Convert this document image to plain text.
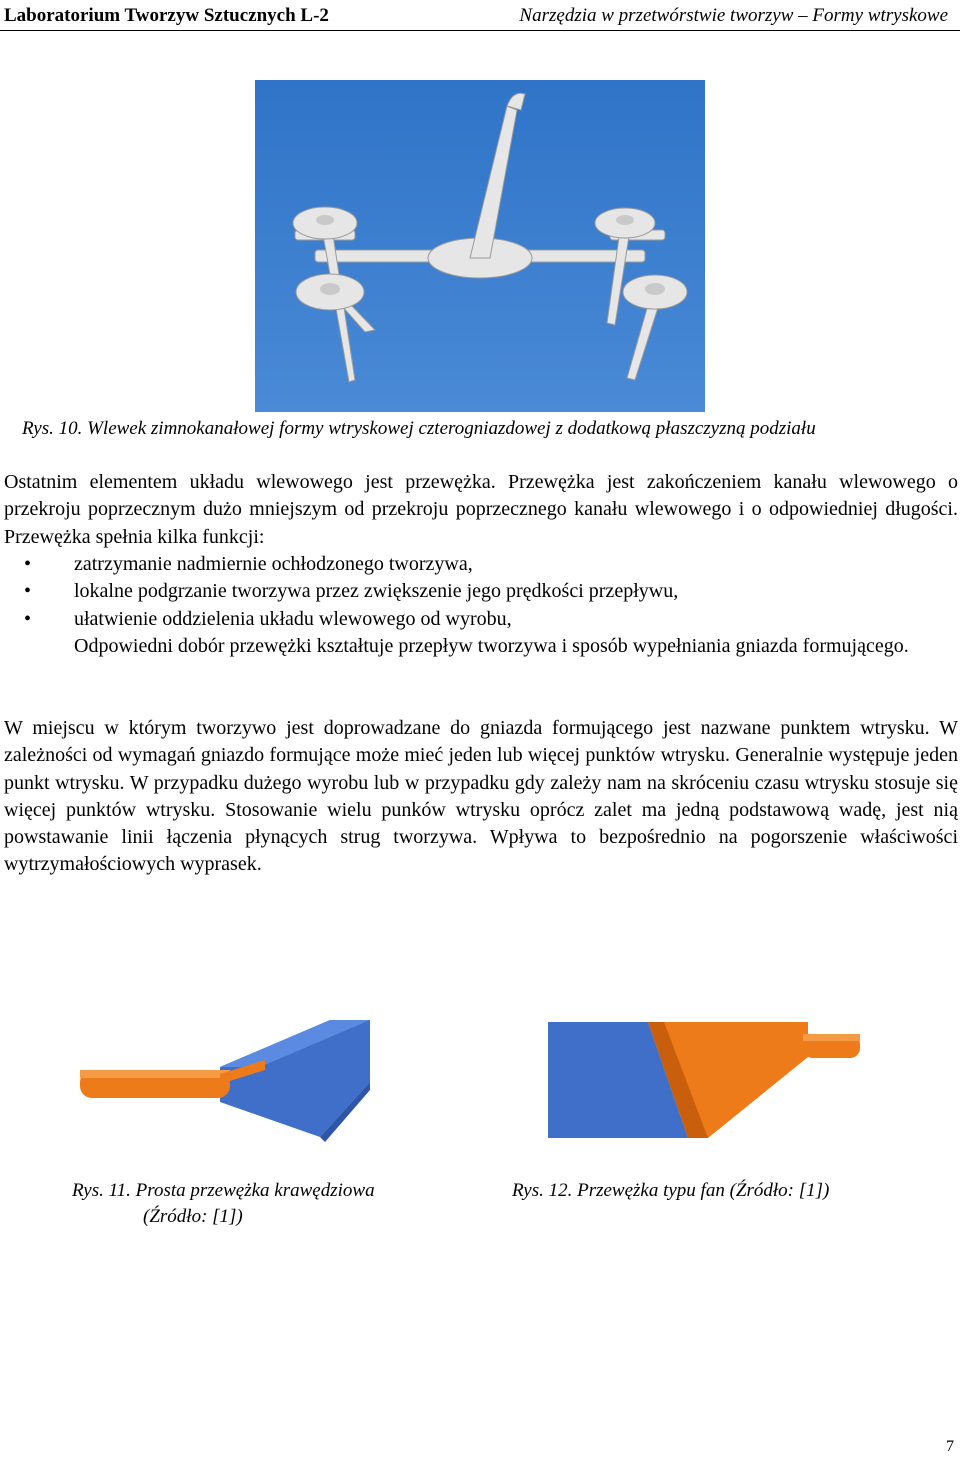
Laboratorium Tworzyw Sztucznych L-2	Narzędzia w przetwórstwie tworzyw – Formy wtryskowe
Rys. 10. Wlewek zimnokanałowej formy wtryskowej czterogniazdowej z dodatkową płaszczyzną podziału
Ostatnim elementem układu wlewowego jest przewężka. Przewężka jest zakończeniem kanału wlewowego o przekroju poprzecznym dużo mniejszym od przekroju poprzecznego kanału wlewowego i o odpowiedniej długości. Przewężka spełnia kilka funkcji:
• zatrzymanie nadmiernie ochłodzonego tworzywa,
• lokalne podgrzanie tworzywa przez zwiększenie jego prędkości przepływu,
• ułatwienie oddzielenia układu wlewowego od wyrobu,
Odpowiedni dobór przewężki kształtuje przepływ tworzywa i sposób wypełniania gniazda formującego.
W miejscu w którym tworzywo jest doprowadzane do gniazda formującego jest nazwane punktem wtrysku. W zależności od wymagań gniazdo formujące może mieć jeden lub więcej punktów wtrysku. Generalnie występuje jeden punkt wtrysku. W przypadku dużego wyrobu lub w przypadku gdy zależy nam na skróceniu czasu wtrysku stosuje się więcej punktów wtrysku. Stosowanie wielu punków wtrysku oprócz zalet ma jedną podstawową wadę, jest nią powstawanie linii łączenia płynących strug tworzywa. Wpływa to bezpośrednio na pogorszenie właściwości wytrzymałościowych wyprasek.
Rys. 11. Prosta przewężka krawędziowa
(Źródło: [1])
Rys. 12. Przewężka typu fan (Źródło: [1])
7
